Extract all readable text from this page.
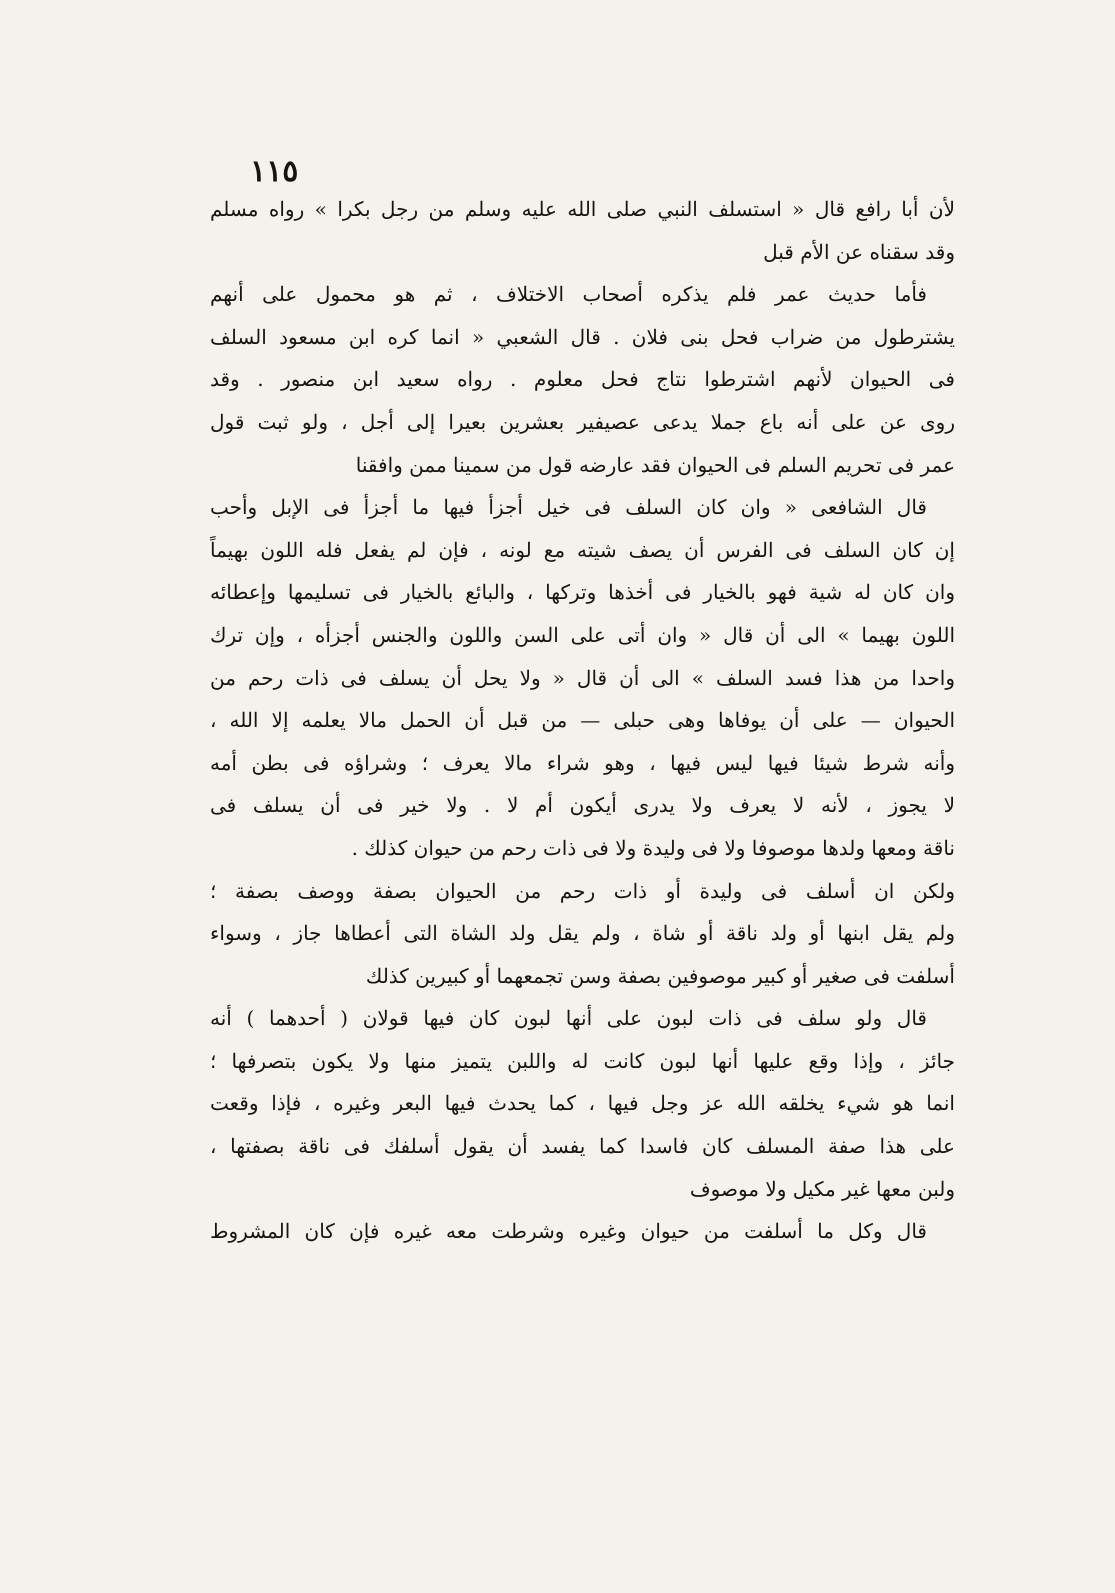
١١٥
لأن أبا رافع قال « استسلف النبي صلى الله عليه وسلم من رجل بكرا » رواه مسلم
وقد سقناه عن الأم قبل
فأما حديث عمر فلم يذكره أصحاب الاختلاف ، ثم هو محمول على أنهم
يشترطول من ضراب فحل بنى فلان . قال الشعبي « انما كره ابن مسعود السلف
فى الحيوان لأنهم اشترطوا نتاج فحل معلوم . رواه سعيد ابن منصور . وقد
روى عن على أنه باع جملا يدعى عصيفير بعشرين بعيرا إلى أجل ، ولو ثبت قول
عمر فى تحريم السلم فى الحيوان فقد عارضه قول من سمينا ممن وافقنا
قال الشافعى « وان كان السلف فى خيل أجزأ فيها ما أجزأ فى الإبل وأحب
إن كان السلف فى الفرس أن يصف شيته مع لونه ، فإن لم يفعل فله اللون بهيماً
وان كان له شية فهو بالخيار فى أخذها وتركها ، والبائع بالخيار فى تسليمها وإعطائه
اللون بهيما » الى أن قال « وان أتى على السن واللون والجنس أجزأه ، وإن ترك
واحدا من هذا فسد السلف » الى أن قال « ولا يحل أن يسلف فى ذات رحم من
الحيوان — على أن يوفاها وهى حبلى — من قبل أن الحمل مالا يعلمه إلا الله ،
وأنه شرط شيئا فيها ليس فيها ، وهو شراء مالا يعرف ؛ وشراؤه فى بطن أمه
لا يجوز ، لأنه لا يعرف ولا يدرى أيكون أم لا . ولا خير فى أن يسلف فى
ناقة ومعها ولدها موصوفا ولا فى وليدة ولا فى ذات رحم من حيوان كذلك .
ولكن ان أسلف فى وليدة أو ذات رحم من الحيوان بصفة ووصف بصفة ؛
ولم يقل ابنها أو ولد ناقة أو شاة ، ولم يقل ولد الشاة التى أعطاها جاز ، وسواء
أسلفت فى صغير أو كبير موصوفين بصفة وسن تجمعهما أو كبيرين كذلك
قال ولو سلف فى ذات لبون على أنها لبون كان فيها قولان ( أحدهما ) أنه
جائز ، وإذا وقع عليها أنها لبون كانت له واللبن يتميز منها ولا يكون بتصرفها ؛
انما هو شيء يخلقه الله عز وجل فيها ، كما يحدث فيها البعر وغيره ، فإذا وقعت
على هذا صفة المسلف كان فاسدا كما يفسد أن يقول أسلفك فى ناقة بصفتها ،
ولبن معها غير مكيل ولا موصوف
قال وكل ما أسلفت من حيوان وغيره وشرطت معه غيره فإن كان المشروط
